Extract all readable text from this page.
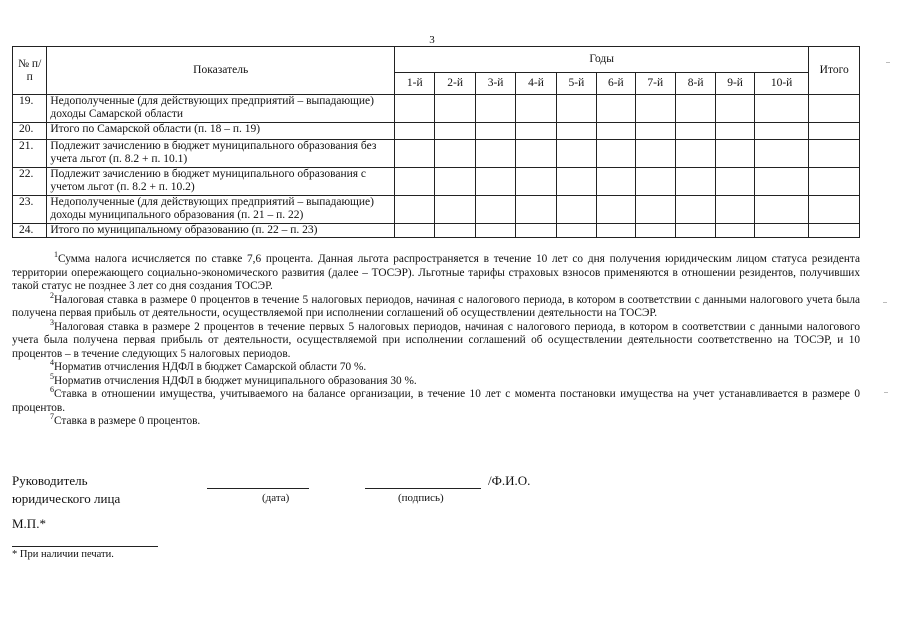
3
№ п/п	Показатель	Годы										Итого
		1-й	2-й	3-й	4-й	5-й	6-й	7-й	8-й	9-й	10-й	
19.	Недополученные (для действующих предприятий – выпадающие) доходы Самарской области											
20.	Итого по Самарской области (п. 18 – п. 19)											
21.	Подлежит зачислению в бюджет муниципального образования без учета льгот (п. 8.2 + п. 10.1)											
22.	Подлежит зачислению в бюджет муниципального образования с учетом льгот (п. 8.2 + п. 10.2)											
23.	Недополученные (для действующих предприятий – выпадающие) доходы муниципального образования (п. 21 – п. 22)											
24.	Итого по муниципальному образованию (п. 22 – п. 23)											

$^1$Сумма налога исчисляется по ставке 7,6 процента. Данная льгота распространяется в течение 10 лет со дня получения юридическим лицом статуса резидента территории опережающего социально-экономического развития (далее – ТОСЭР). Льготные тарифы страховых взносов применяются в отношении резидентов, получивших такой статус не позднее 3 лет со дня создания ТОСЭР.

$^2$Налоговая ставка в размере 0 процентов в течение 5 налоговых периодов, начиная с налогового периода, в котором в соответствии с данными налогового учета была получена первая прибыль от деятельности, осуществляемой при исполнении соглашений об осуществлении деятельности на ТОСЭР.

$^3$Налоговая ставка в размере 2 процентов в течение первых 5 налоговых периодов, начиная с налогового периода, в котором в соответствии с данными налогового учета была получена первая прибыль от деятельности, осуществляемой при исполнении соглашений об осуществлении деятельности соответственно на ТОСЭР, и 10 процентов – в течение следующих 5 налоговых периодов.

$^4$Норматив отчисления НДФЛ в бюджет Самарской области 70 %.

$^5$Норматив отчисления НДФЛ в бюджет муниципального образования 30 %.

$^6$Ставка в отношении имущества, учитываемого на балансе организации, в течение 10 лет с момента постановки имущества на учет устанавливается в размере 0 процентов.

$^7$Ставка в размере 0 процентов.

Руководитель
юридического лица	(дата)	(подпись)
/Ф.И.О.
М.П.*
* При наличии печати.
